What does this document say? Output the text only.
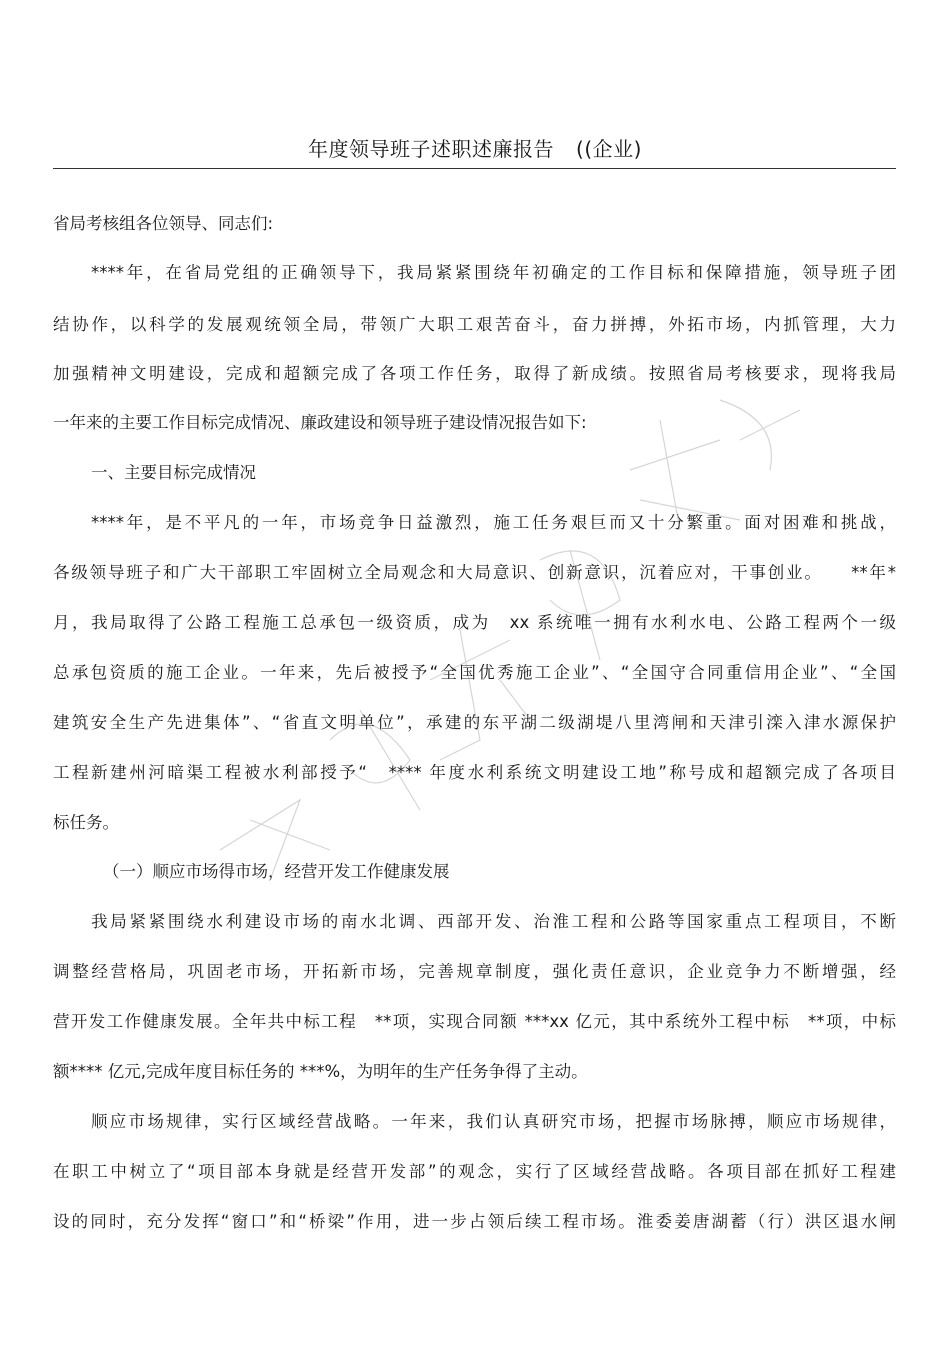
年度领导班子述职述廉报告 ((企业)
省局考核组各位领导、同志们:
****年，在省局党组的正确领导下，我局紧紧围绕年初确定的工作目标和保障措施，领导班子团
结协作，以科学的发展观统领全局，带领广大职工艰苦奋斗，奋力拼搏，外拓市场，内抓管理，大力
加强精神文明建设，完成和超额完成了各项工作任务，取得了新成绩。按照省局考核要求，现将我局
一年来的主要工作目标完成情况、廉政建设和领导班子建设情况报告如下:
一、主要目标完成情况
****年，是不平凡的一年，市场竞争日益激烈，施工任务艰巨而又十分繁重。面对困难和挑战，
各级领导班子和广大干部职工牢固树立全局观念和大局意识、创新意识，沉着应对，干事创业。　　**年*
月，我局取得了公路工程施工总承包一级资质，成为　xx 系统唯一拥有水利水电、公路工程两个一级
总承包资质的施工企业。一年来，先后被授予“全国优秀施工企业”、“全国守合同重信用企业”、“全国
建筑安全生产先进集体”、“省直文明单位”，承建的东平湖二级湖堤八里湾闸和天津引滦入津水源保护
工程新建州河暗渠工程被水利部授予“　**** 年度水利系统文明建设工地”称号成和超额完成了各项目
标任务。
（一）顺应市场得市场，经营开发工作健康发展
我局紧紧围绕水利建设市场的南水北调、西部开发、治淮工程和公路等国家重点工程项目，不断
调整经营格局，巩固老市场，开拓新市场，完善规章制度，强化责任意识，企业竞争力不断增强，经
营开发工作健康发展。全年共中标工程　**项，实现合同额 ***xx 亿元，其中系统外工程中标　**项，中标
额**** 亿元,完成年度目标任务的 ***%，为明年的生产任务争得了主动。
顺应市场规律，实行区域经营战略。一年来，我们认真研究市场，把握市场脉搏，顺应市场规律，
在职工中树立了“项目部本身就是经营开发部”的观念，实行了区域经营战略。各项目部在抓好工程建
设的同时，充分发挥“窗口”和“桥梁”作用，进一步占领后续工程市场。淮委姜唐湖蓄（行）洪区退水闸
